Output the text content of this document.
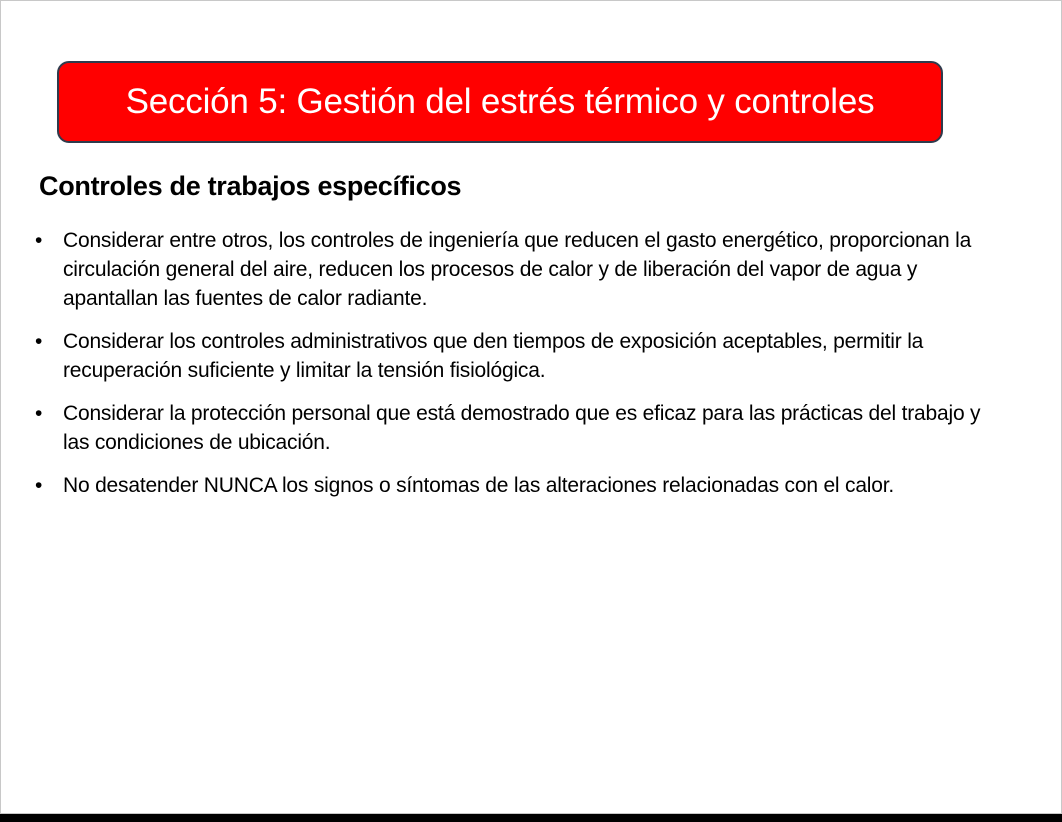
Sección 5: Gestión del estrés térmico y controles
Controles de trabajos específicos
• Considerar entre otros, los controles de ingeniería que reducen el gasto energético, proporcionan la circulación general del aire, reducen los procesos de calor y de liberación del vapor de agua y apantallan las fuentes de calor radiante.
• Considerar los controles administrativos que den tiempos de exposición aceptables, permitir la recuperación suficiente y limitar la tensión fisiológica.
• Considerar la protección personal que está demostrado que es eficaz para las prácticas del trabajo y las condiciones de ubicación.
• No desatender NUNCA los signos o síntomas de las alteraciones relacionadas con el calor.
